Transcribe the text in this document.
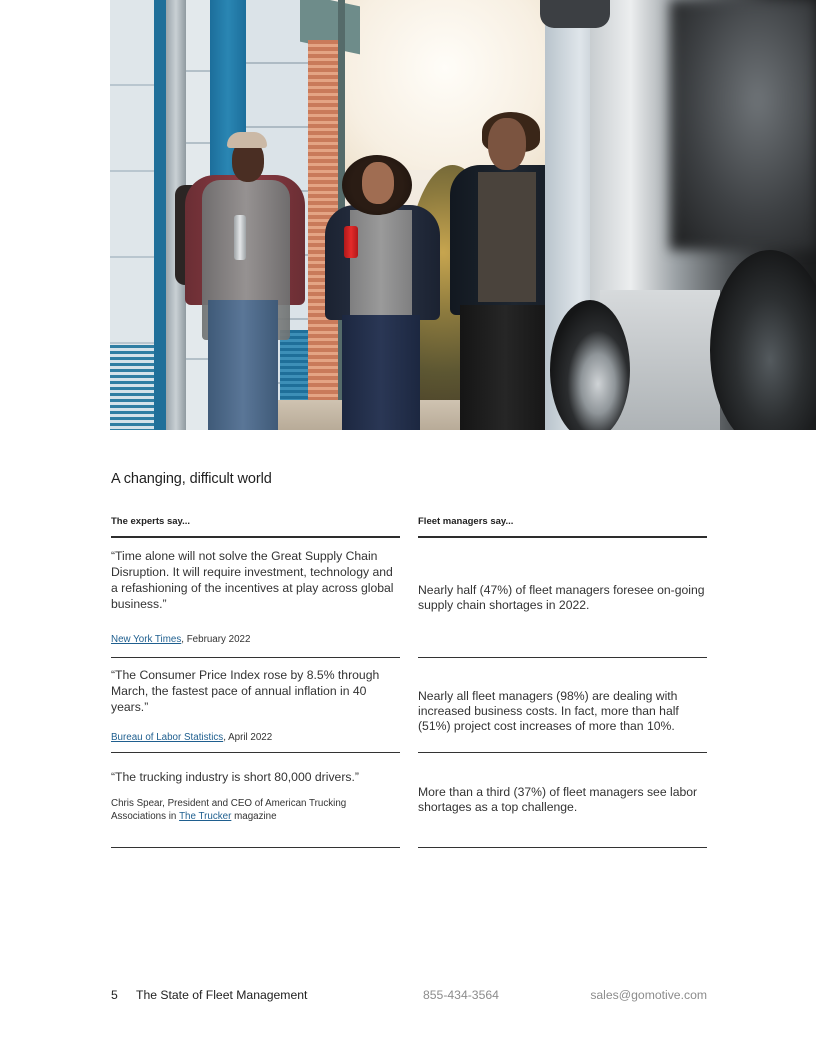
A changing, difficult world
The experts say...

“Time alone will not solve the Great Supply Chain Disruption. It will require investment, technology and a refashioning of the incentives at play across global business.”

New York Times, February 2022

“The Consumer Price Index rose by 8.5% through March, the fastest pace of annual inflation in 40 years.”

Bureau of Labor Statistics, April 2022

“The trucking industry is short 80,000 drivers.”

Chris Spear, President and CEO of American Trucking Associations in The Trucker magazine

Fleet managers say...

Nearly half (47%) of fleet managers foresee on-going supply chain shortages in 2022.

Nearly all fleet managers (98%) are dealing with increased business costs. In fact, more than half (51%) project cost increases of more than 10%.

More than a third (37%) of fleet managers see labor shortages as a top challenge.

5 The State of Fleet Management	855-434-3564	sales@gomotive.com
